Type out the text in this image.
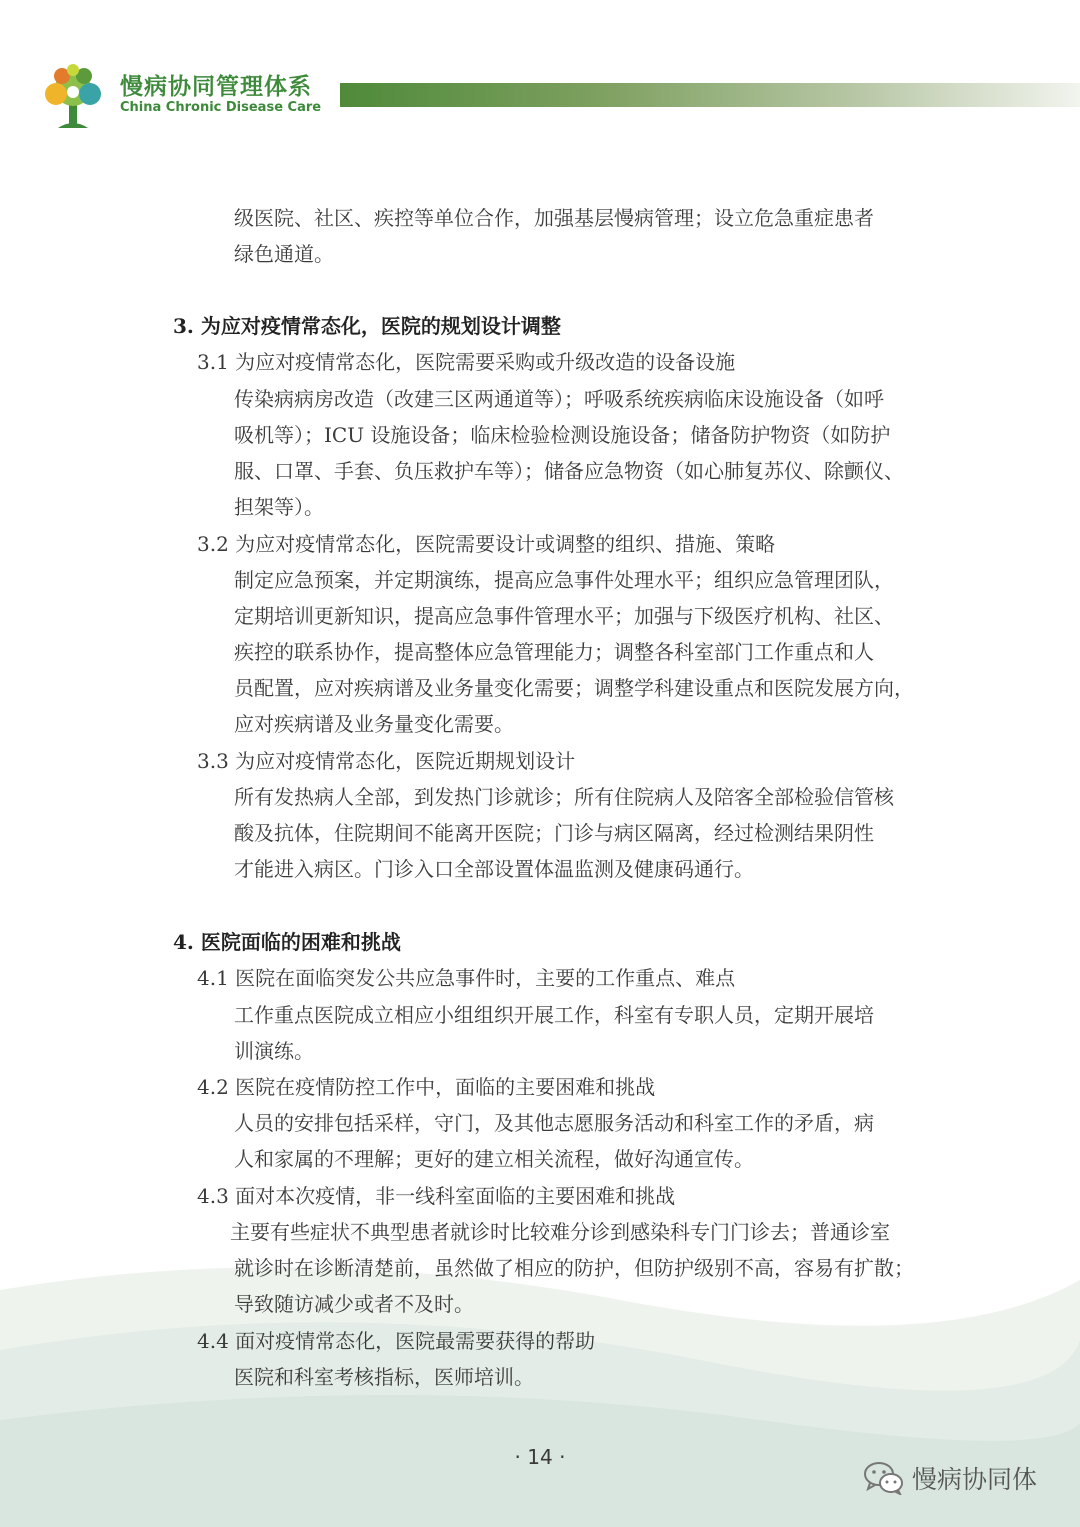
慢病协同管理体系
China Chronic Disease Care
级医院、社区、疾控等单位合作，加强基层慢病管理；设立危急重症患者
绿色通道。
3. 为应对疫情常态化，医院的规划设计调整
3.1 为应对疫情常态化，医院需要采购或升级改造的设备设施
传染病病房改造（改建三区两通道等）；呼吸系统疾病临床设施设备（如呼
吸机等）；ICU 设施设备；临床检验检测设施设备；储备防护物资（如防护
服、口罩、手套、负压救护车等）；储备应急物资（如心肺复苏仪、除颤仪、
担架等）。
3.2 为应对疫情常态化，医院需要设计或调整的组织、措施、策略
制定应急预案，并定期演练，提高应急事件处理水平；组织应急管理团队，
定期培训更新知识，提高应急事件管理水平；加强与下级医疗机构、社区、
疾控的联系协作，提高整体应急管理能力；调整各科室部门工作重点和人
员配置，应对疾病谱及业务量变化需要；调整学科建设重点和医院发展方向，
应对疾病谱及业务量变化需要。
3.3 为应对疫情常态化，医院近期规划设计
所有发热病人全部，到发热门诊就诊；所有住院病人及陪客全部检验信管核
酸及抗体，住院期间不能离开医院；门诊与病区隔离，经过检测结果阴性
才能进入病区。门诊入口全部设置体温监测及健康码通行。
4. 医院面临的困难和挑战
4.1 医院在面临突发公共应急事件时，主要的工作重点、难点
工作重点医院成立相应小组组织开展工作，科室有专职人员，定期开展培
训演练。
4.2 医院在疫情防控工作中，面临的主要困难和挑战
人员的安排包括采样，守门，及其他志愿服务活动和科室工作的矛盾，病
人和家属的不理解；更好的建立相关流程，做好沟通宣传。
4.3 面对本次疫情，非一线科室面临的主要困难和挑战
主要有些症状不典型患者就诊时比较难分诊到感染科专门门诊去；普通诊室
就诊时在诊断清楚前，虽然做了相应的防护，但防护级别不高，容易有扩散；
导致随访减少或者不及时。
4.4 面对疫情常态化，医院最需要获得的帮助
医院和科室考核指标，医师培训。
· 14 ·
慢病协同体
